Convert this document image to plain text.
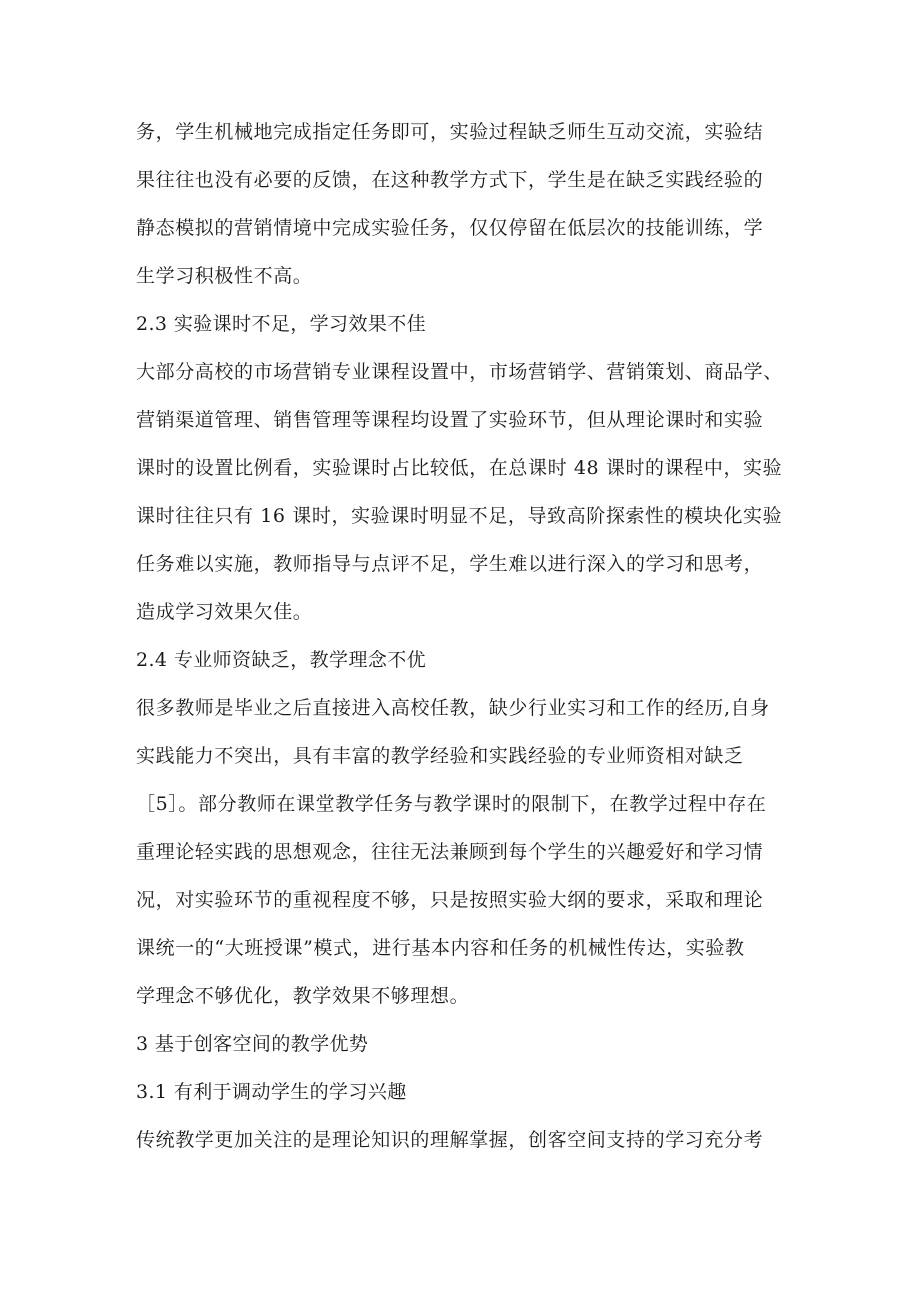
务，学生机械地完成指定任务即可，实验过程缺乏师生互动交流，实验结
果往往也没有必要的反馈，在这种教学方式下，学生是在缺乏实践经验的
静态模拟的营销情境中完成实验任务，仅仅停留在低层次的技能训练，学
生学习积极性不高。
2.3 实验课时不足，学习效果不佳
大部分高校的市场营销专业课程设置中，市场营销学、营销策划、商品学、
营销渠道管理、销售管理等课程均设置了实验环节，但从理论课时和实验
课时的设置比例看，实验课时占比较低，在总课时 48 课时的课程中，实验
课时往往只有 16 课时，实验课时明显不足，导致高阶探索性的模块化实验
任务难以实施，教师指导与点评不足，学生难以进行深入的学习和思考，
造成学习效果欠佳。
2.4 专业师资缺乏，教学理念不优
很多教师是毕业之后直接进入高校任教，缺少行业实习和工作的经历,自身
实践能力不突出，具有丰富的教学经验和实践经验的专业师资相对缺乏
［5］。部分教师在课堂教学任务与教学课时的限制下，在教学过程中存在
重理论轻实践的思想观念，往往无法兼顾到每个学生的兴趣爱好和学习情
况，对实验环节的重视程度不够，只是按照实验大纲的要求，采取和理论
课统一的“大班授课”模式，进行基本内容和任务的机械性传达，实验教
学理念不够优化，教学效果不够理想。
3 基于创客空间的教学优势
3.1 有利于调动学生的学习兴趣
传统教学更加关注的是理论知识的理解掌握，创客空间支持的学习充分考
